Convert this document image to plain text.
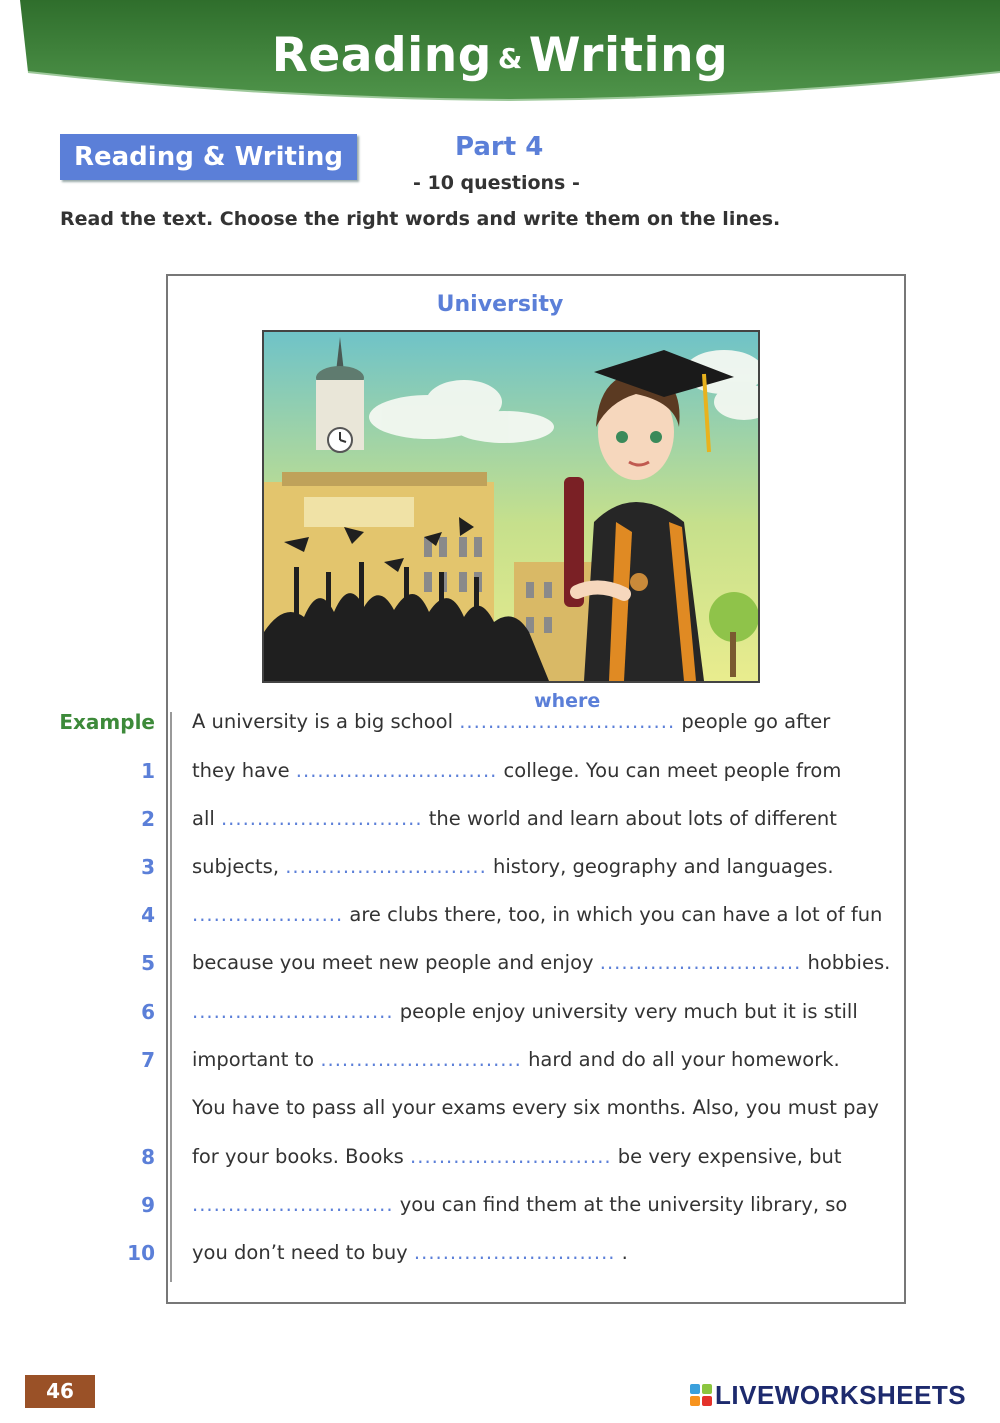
Reading & Writing
Reading & Writing	Part 4
- 10 questions -
Read the text. Choose the right words and write them on the lines.
University
Example A university is a big school ..............................
where
people go after
1 they have ............................ college. You can meet people from
2 all ............................ the world and learn about lots of different
3 subjects, ............................ history, geography and languages.
4 ..................... are clubs there, too, in which you can have a lot of fun
5 because you meet new people and enjoy ............................ hobbies.
6 ............................ people enjoy university very much but it is still
7 important to ............................ hard and do all your homework.
You have to pass all your exams every six months. Also, you must pay
8 for your books. Books ............................ be very expensive, but
9 ............................ you can find them at the university library, so
10 you don’t need to buy ............................ .
46	LIVEWORKSHEETS
